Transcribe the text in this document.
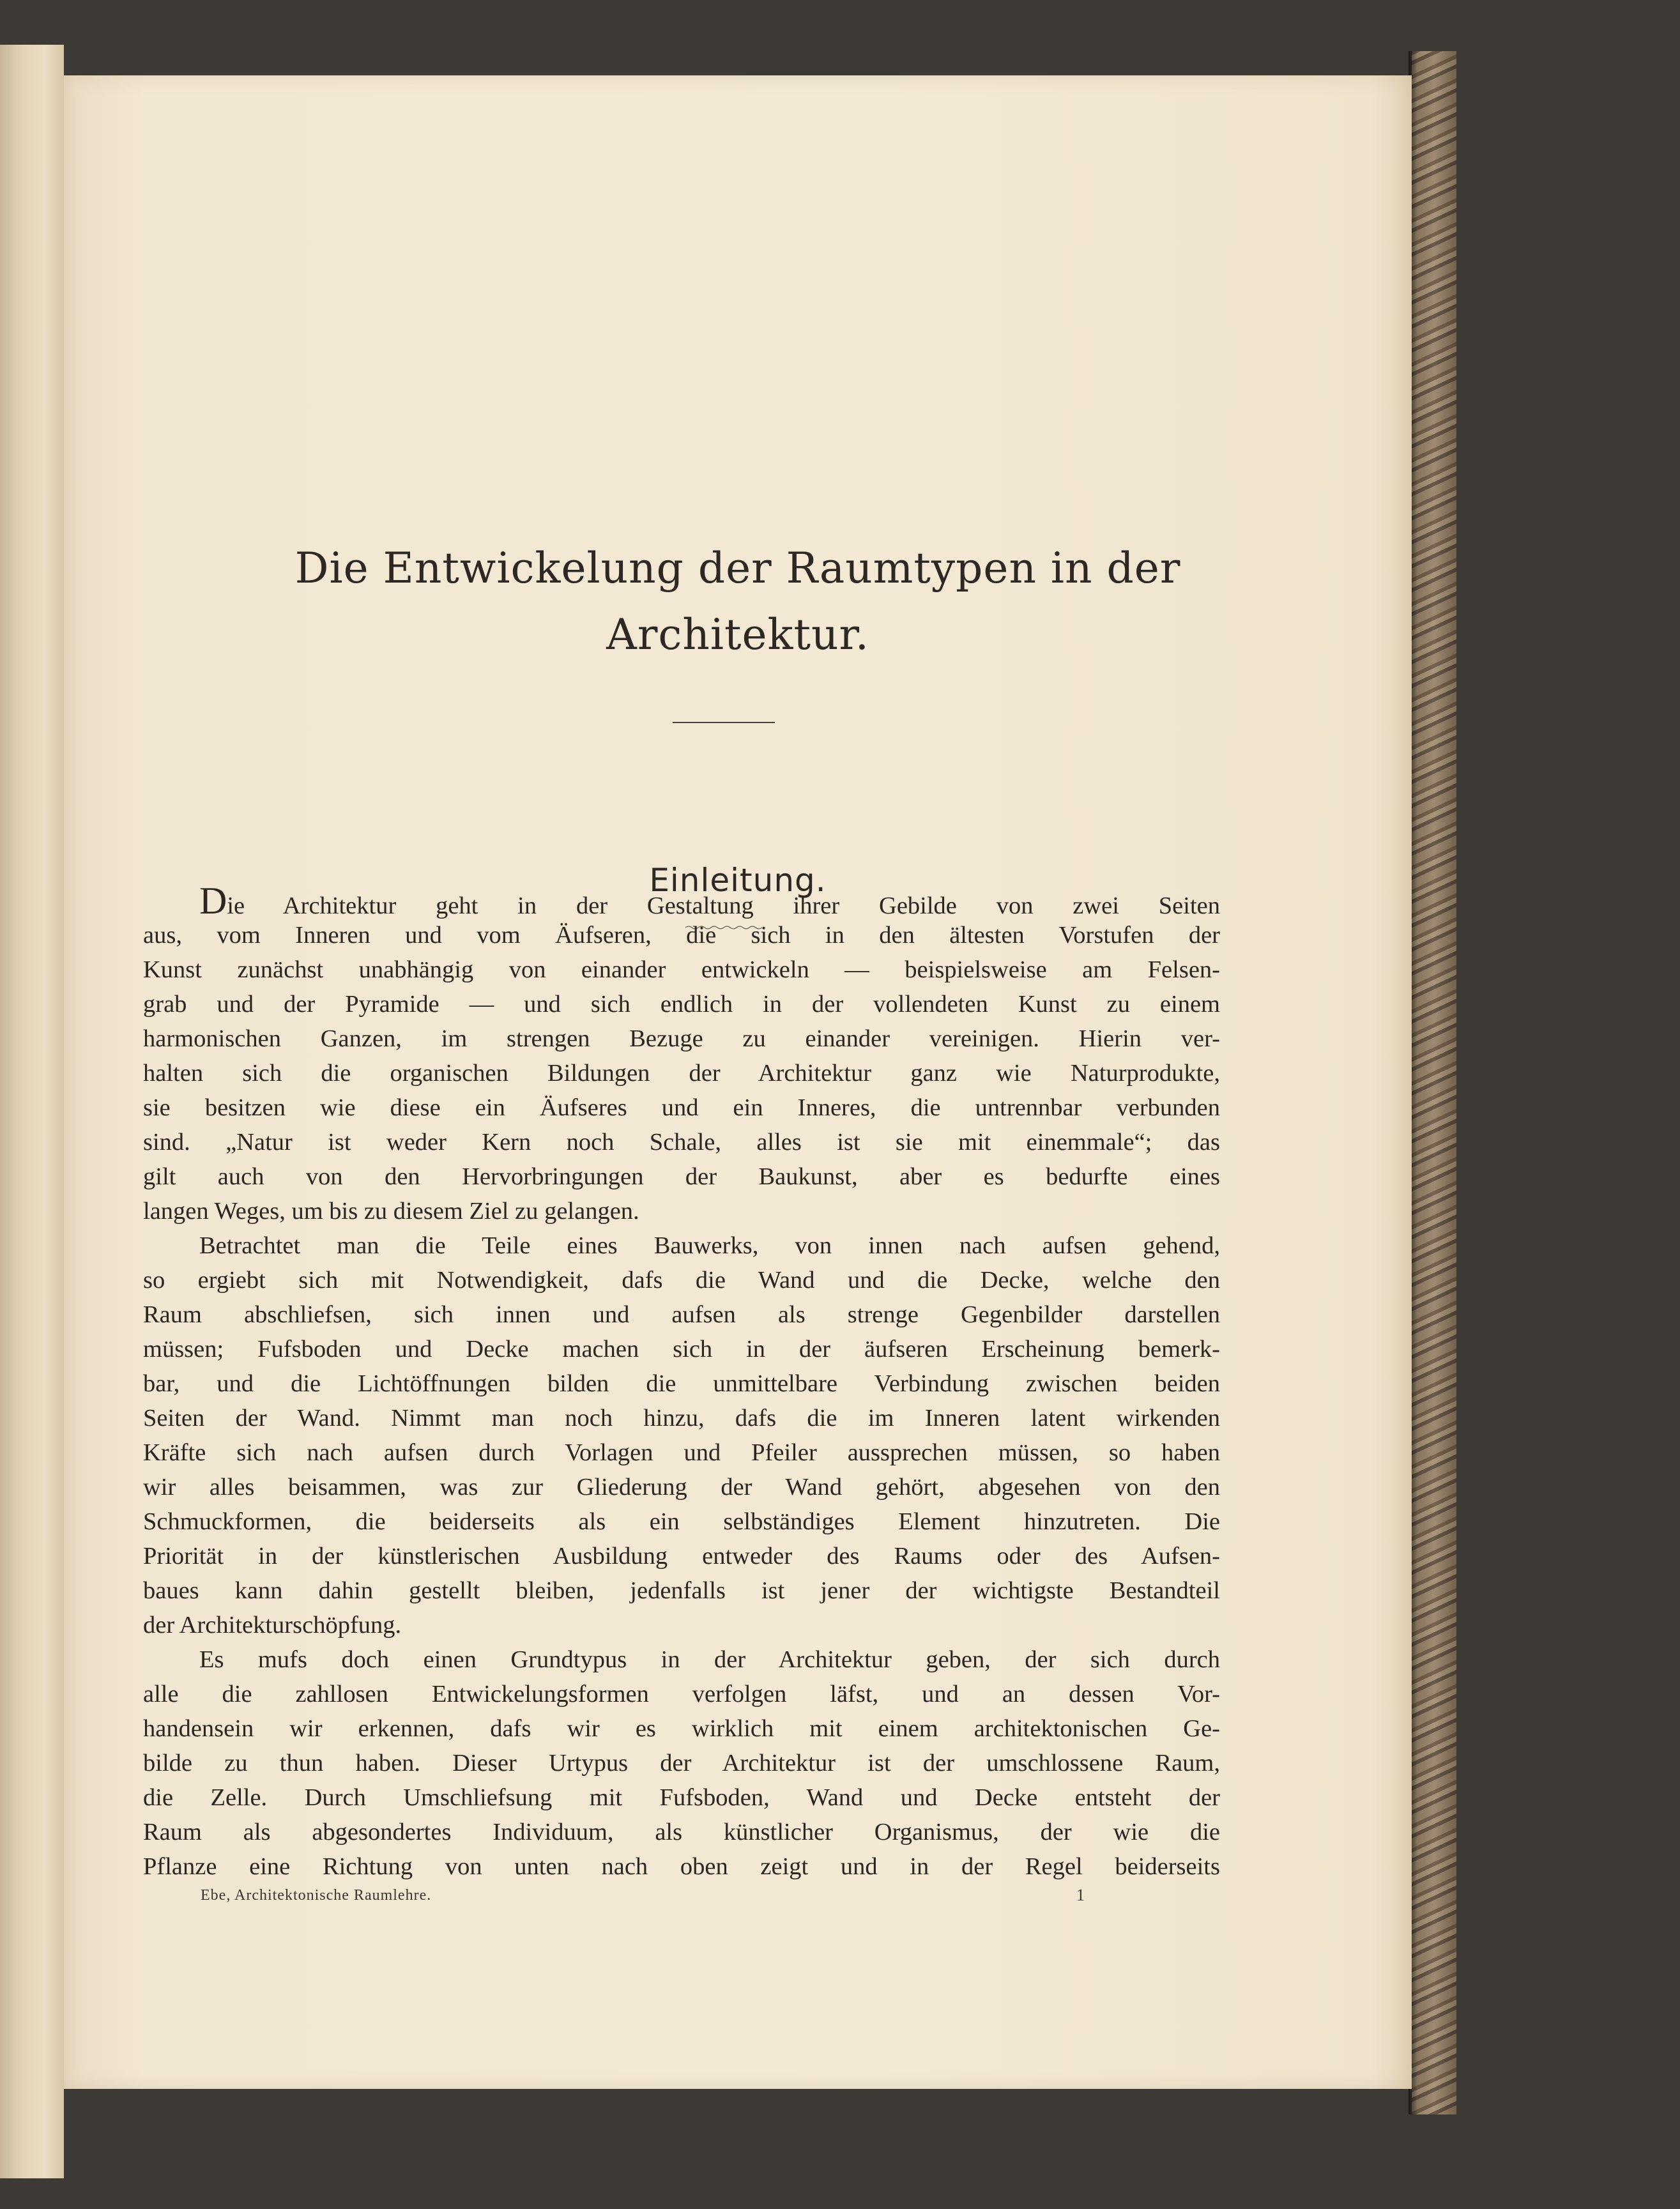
Die Entwickelung der Raumtypen in der
Architektur.
Einleitung.
Die Architektur geht in der Gestaltung ihrer Gebilde von zwei Seiten
aus, vom Inneren und vom Äufseren, die sich in den ältesten Vorstufen der
Kunst zunächst unabhängig von einander entwickeln — beispielsweise am Felsen-
grab und der Pyramide — und sich endlich in der vollendeten Kunst zu einem
harmonischen Ganzen, im strengen Bezuge zu einander vereinigen. Hierin ver-
halten sich die organischen Bildungen der Architektur ganz wie Naturprodukte,
sie besitzen wie diese ein Äufseres und ein Inneres, die untrennbar verbunden
sind. „Natur ist weder Kern noch Schale, alles ist sie mit einemmale“; das
gilt auch von den Hervorbringungen der Baukunst, aber es bedurfte eines
langen Weges, um bis zu diesem Ziel zu gelangen.
Betrachtet man die Teile eines Bauwerks, von innen nach aufsen gehend,
so ergiebt sich mit Notwendigkeit, dafs die Wand und die Decke, welche den
Raum abschliefsen, sich innen und aufsen als strenge Gegenbilder darstellen
müssen; Fufsboden und Decke machen sich in der äufseren Erscheinung bemerk-
bar, und die Lichtöffnungen bilden die unmittelbare Verbindung zwischen beiden
Seiten der Wand. Nimmt man noch hinzu, dafs die im Inneren latent wirkenden
Kräfte sich nach aufsen durch Vorlagen und Pfeiler aussprechen müssen, so haben
wir alles beisammen, was zur Gliederung der Wand gehört, abgesehen von den
Schmuckformen, die beiderseits als ein selbständiges Element hinzutreten. Die
Priorität in der künstlerischen Ausbildung entweder des Raums oder des Aufsen-
baues kann dahin gestellt bleiben, jedenfalls ist jener der wichtigste Bestandteil
der Architekturschöpfung.
Es mufs doch einen Grundtypus in der Architektur geben, der sich durch
alle die zahllosen Entwickelungsformen verfolgen läfst, und an dessen Vor-
handensein wir erkennen, dafs wir es wirklich mit einem architektonischen Ge-
bilde zu thun haben. Dieser Urtypus der Architektur ist der umschlossene Raum,
die Zelle. Durch Umschliefsung mit Fufsboden, Wand und Decke entsteht der
Raum als abgesondertes Individuum, als künstlicher Organismus, der wie die
Pflanze eine Richtung von unten nach oben zeigt und in der Regel beiderseits
Ebe, Architektonische Raumlehre.	1
